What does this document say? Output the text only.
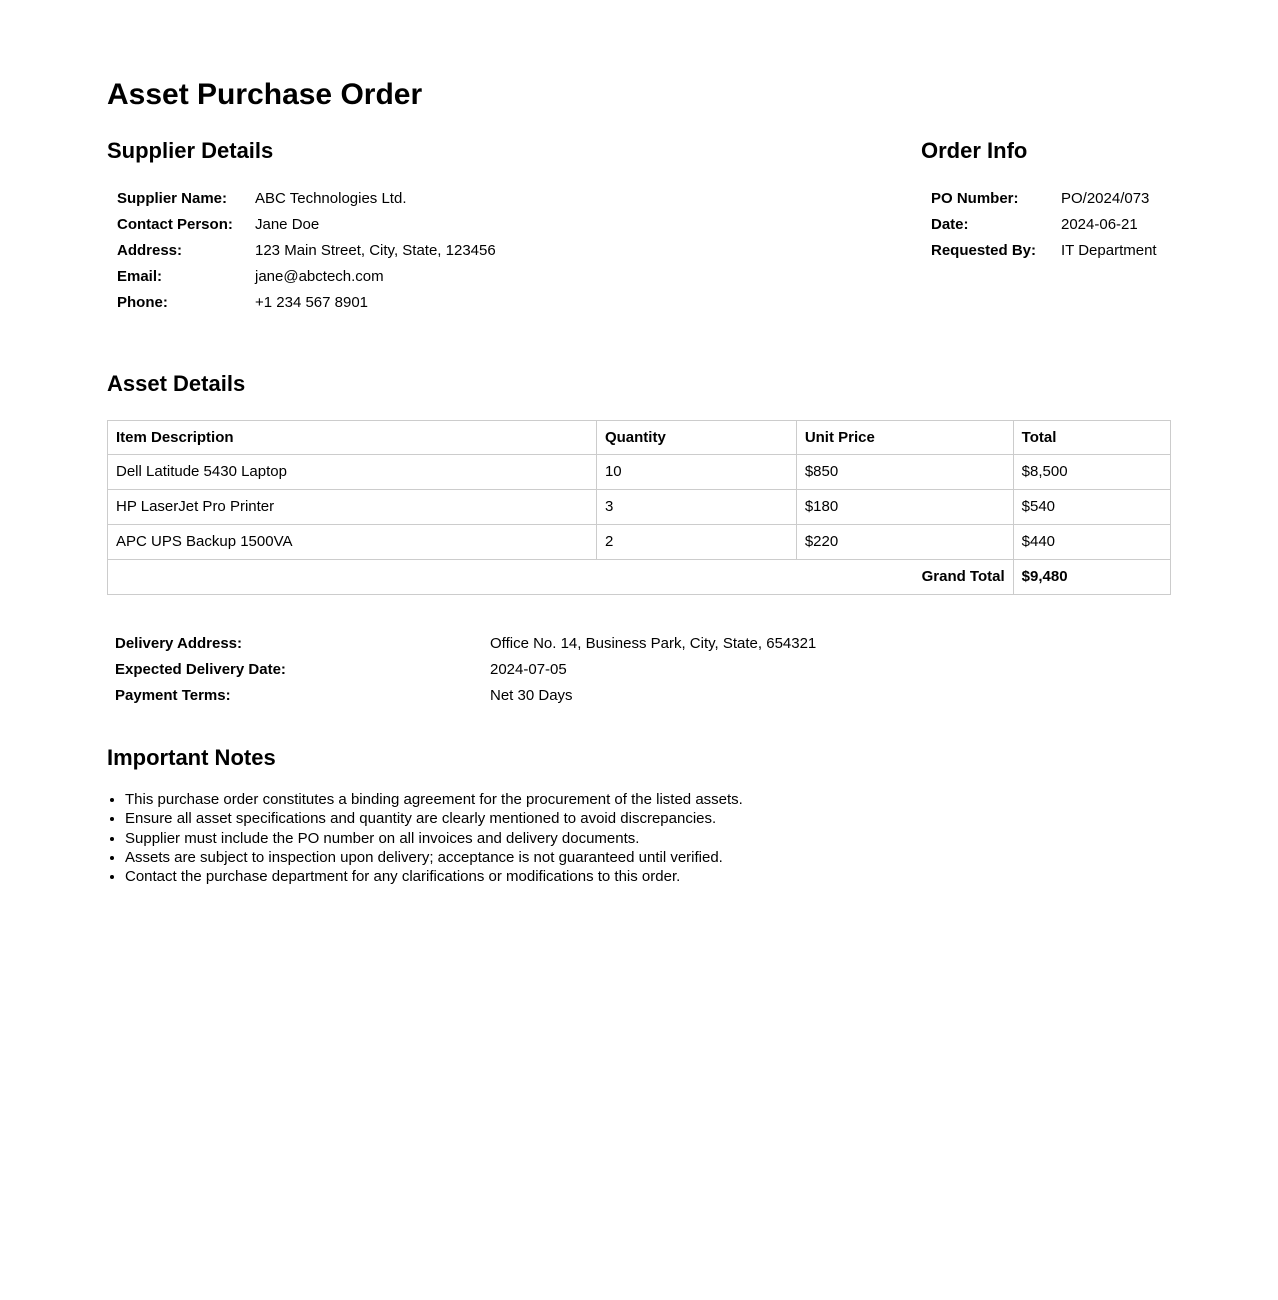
Asset Purchase Order
Supplier Details
Supplier Name:	ABC Technologies Ltd.
Contact Person:	Jane Doe
Address:	123 Main Street, City, State, 123456
Email:	jane@abctech.com
Phone:	+1 234 567 8901
Order Info
PO Number:	PO/2024/073
Date:	2024-06-21
Requested By:	IT Department
Asset Details
Item Description	Quantity	Unit Price	Total
Dell Latitude 5430 Laptop	10	$850	$8,500
HP LaserJet Pro Printer	3	$180	$540
APC UPS Backup 1500VA	2	$220	$440
Grand Total			$9,480
Delivery Address:	Office No. 14, Business Park, City, State, 654321
Expected Delivery Date:	2024-07-05
Payment Terms:	Net 30 Days
Important Notes
• This purchase order constitutes a binding agreement for the procurement of the listed assets.
• Ensure all asset specifications and quantity are clearly mentioned to avoid discrepancies.
• Supplier must include the PO number on all invoices and delivery documents.
• Assets are subject to inspection upon delivery; acceptance is not guaranteed until verified.
• Contact the purchase department for any clarifications or modifications to this order.
